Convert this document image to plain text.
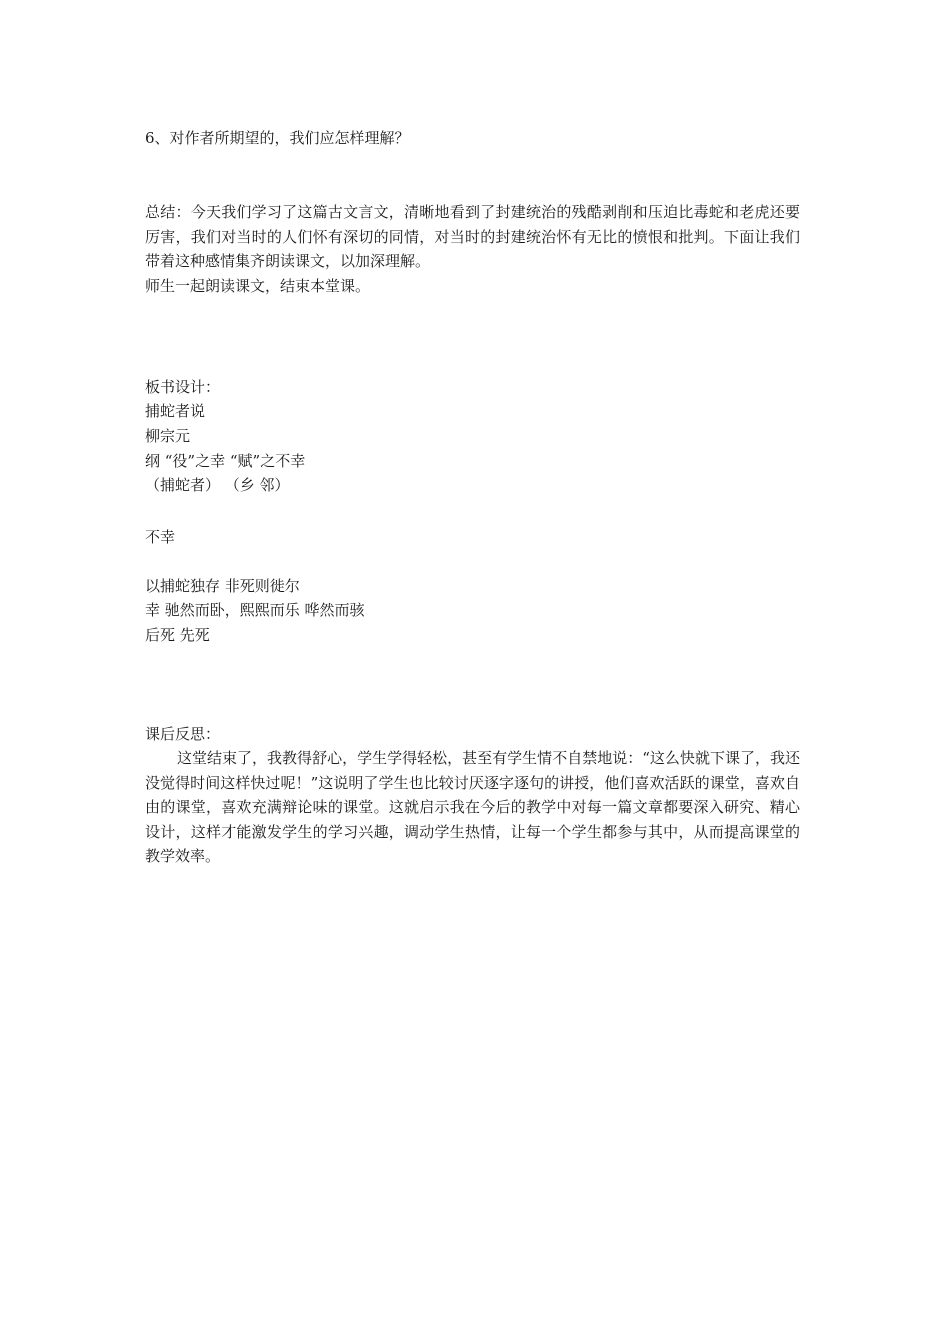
6、对作者所期望的，我们应怎样理解？
总结：今天我们学习了这篇古文言文，清晰地看到了封建统治的残酷剥削和压迫比毒蛇和老虎还要厉害，我们对当时的人们怀有深切的同情，对当时的封建统治怀有无比的愤恨和批判。下面让我们带着这种感情集齐朗读课文，以加深理解。
师生一起朗读课文，结束本堂课。
板书设计：
捕蛇者说
柳宗元
纲 “役”之幸 “赋”之不幸
（捕蛇者） （乡 邻）
不幸
以捕蛇独存 非死则徙尔
幸 驰然而卧，熙熙而乐 哗然而骇
后死 先死
课后反思：
这堂结束了，我教得舒心，学生学得轻松，甚至有学生情不自禁地说：“这么快就下课了，我还没觉得时间这样快过呢！”这说明了学生也比较讨厌逐字逐句的讲授，他们喜欢活跃的课堂，喜欢自由的课堂，喜欢充满辩论味的课堂。这就启示我在今后的教学中对每一篇文章都要深入研究、精心设计，这样才能激发学生的学习兴趣，调动学生热情，让每一个学生都参与其中，从而提高课堂的教学效率。
